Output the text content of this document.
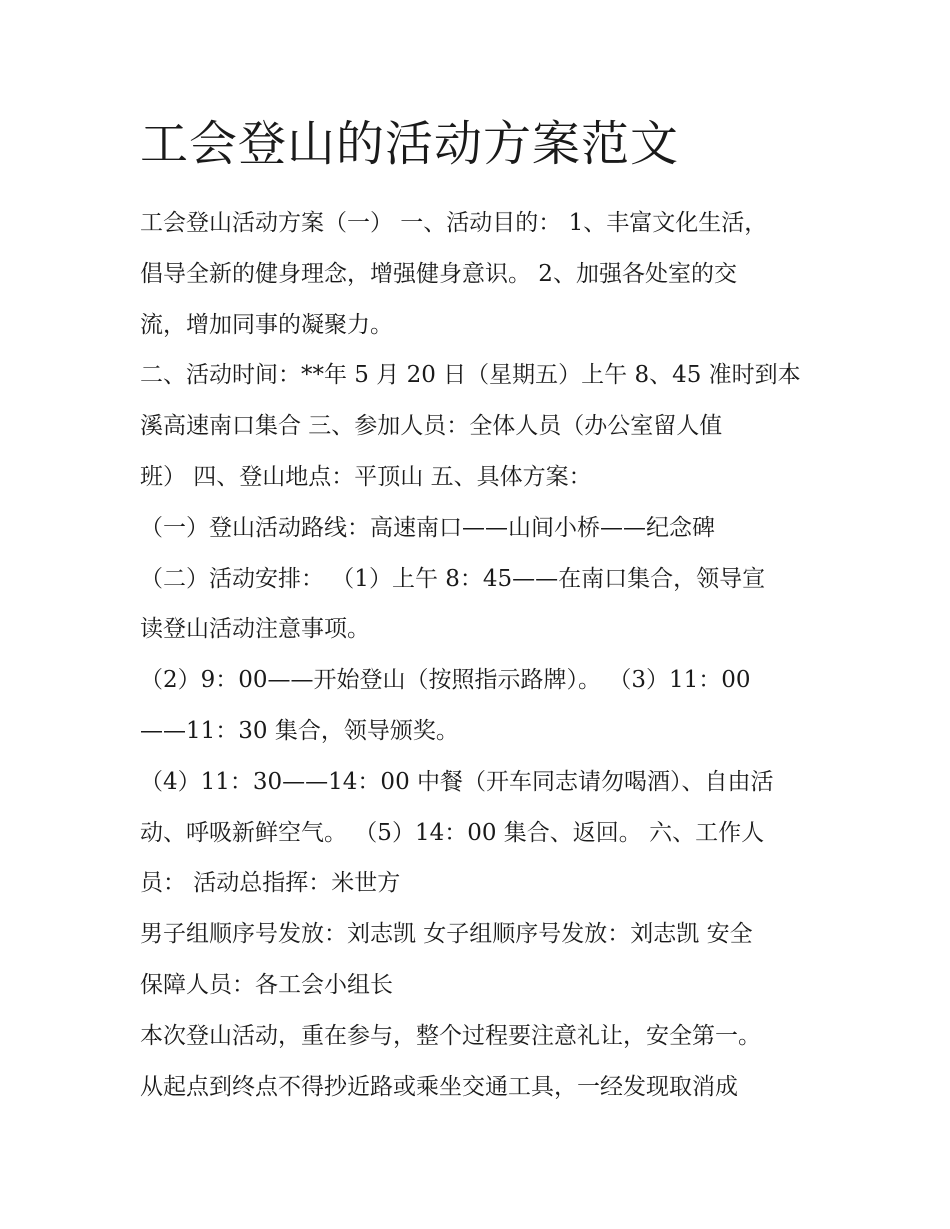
工会登山的活动方案范文
工会登山活动方案（一） 一、活动目的： 1、丰富文化生活，
倡导全新的健身理念，增强健身意识。 2、加强各处室的交
流，增加同事的凝聚力。
二、活动时间：**年 5 月 20 日（星期五）上午 8、45 准时到本
溪高速南口集合 三、参加人员：全体人员（办公室留人值
班） 四、登山地点：平顶山 五、具体方案：
（一）登山活动路线：高速南口——山间小桥——纪念碑
（二）活动安排： （1）上午 8：45——在南口集合，领导宣
读登山活动注意事项。
（2）9：00——开始登山（按照指示路牌）。 （3）11：00
——11：30 集合，领导颁奖。
（4）11：30——14：00 中餐（开车同志请勿喝酒）、自由活
动、呼吸新鲜空气。 （5）14：00 集合、返回。 六、工作人
员： 活动总指挥：米世方
男子组顺序号发放：刘志凯 女子组顺序号发放：刘志凯 安全
保障人员：各工会小组长
本次登山活动，重在参与，整个过程要注意礼让，安全第一。
从起点到终点不得抄近路或乘坐交通工具，一经发现取消成
